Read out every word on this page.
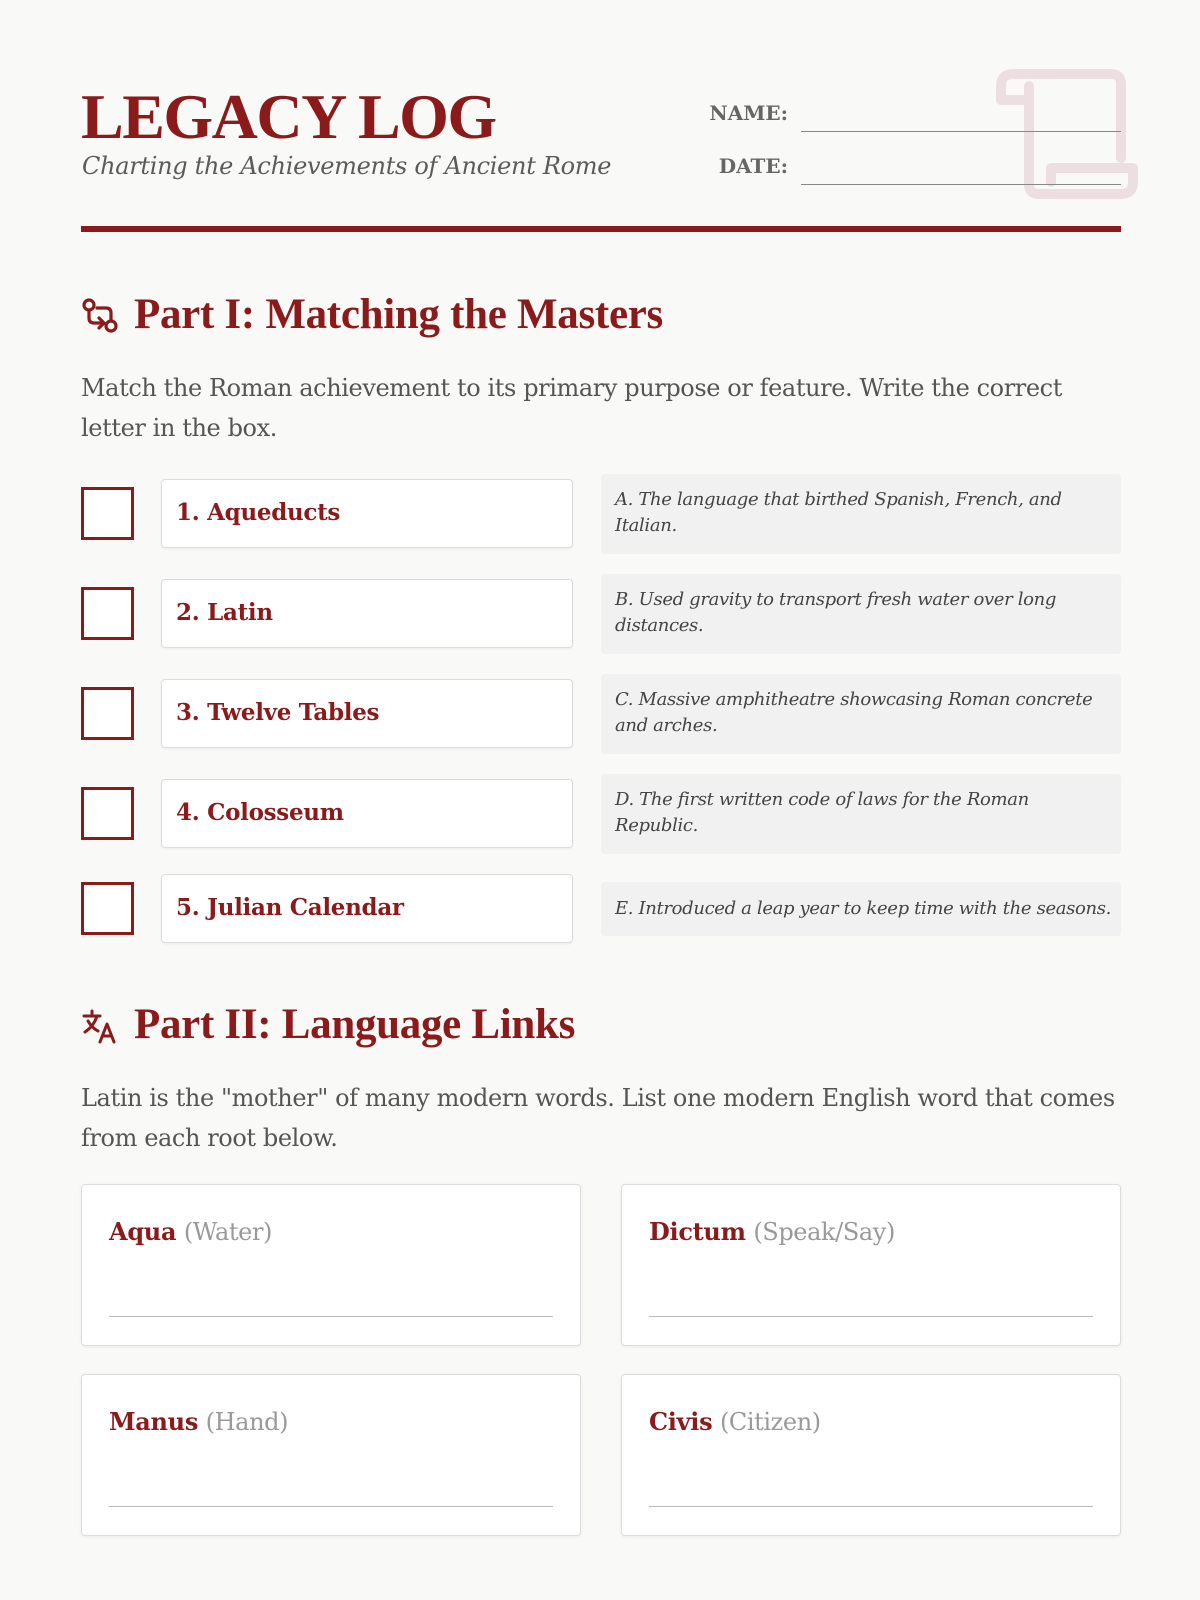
LEGACY LOG
Charting the Achievements of Ancient Rome
NAME:
DATE:
Part I: Matching the Masters
Match the Roman achievement to its primary purpose or feature. Write the correct letter in the box.
1. Aqueducts	A. The language that birthed Spanish, French, and Italian.
2. Latin	B. Used gravity to transport fresh water over long distances.
3. Twelve Tables	C. Massive amphitheatre showcasing Roman concrete and arches.
4. Colosseum	D. The first written code of laws for the Roman Republic.
5. Julian Calendar	E. Introduced a leap year to keep time with the seasons.
Part II: Language Links
Latin is the "mother" of many modern words. List one modern English word that comes from each root below.
Aqua (Water)	Dictum (Speak/Say)
Manus (Hand)	Civis (Citizen)
